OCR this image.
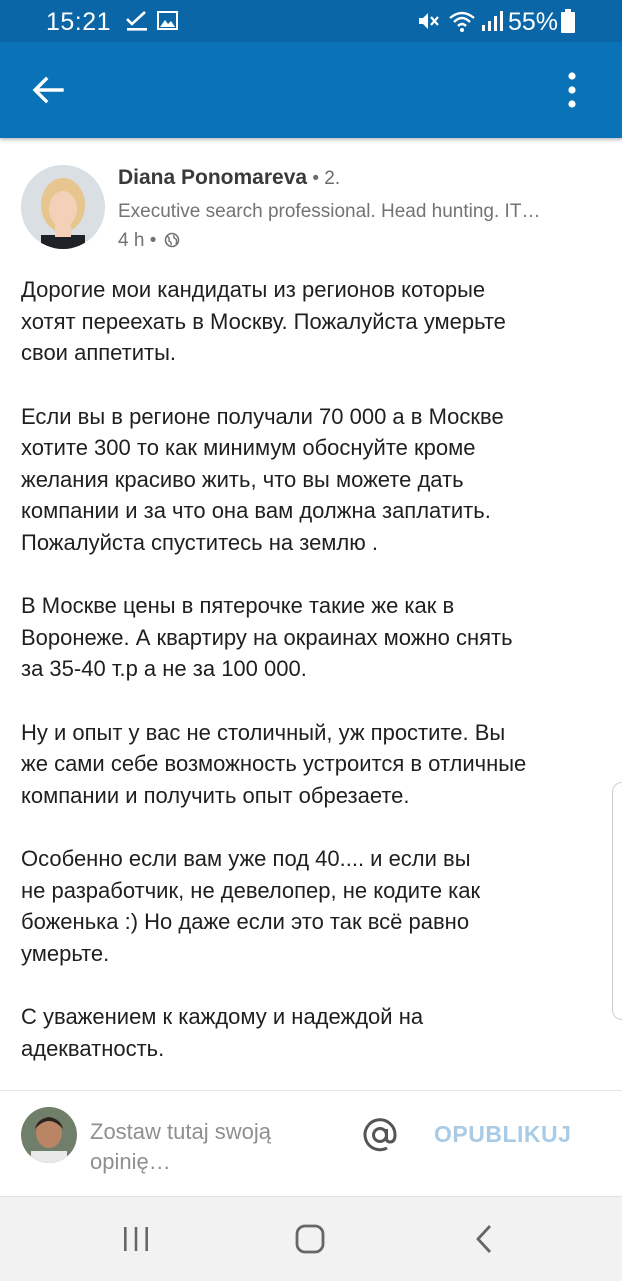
15:21	55%
Diana Ponomareva • 2.
Executive search professional. Head hunting. IT…
4 h •

Дорогие мои кандидаты из регионов которые
хотят переехать в Москву. Пожалуйста умерьте
свои аппетиты.

Если вы в регионе получали 70 000 а в Москве
хотите 300 то как минимум обоснуйте кроме
желания красиво жить, что вы можете дать
компании и за что она вам должна заплатить.
Пожалуйста спуститесь на землю .

В Москве цены в пятерочке такие же как в
Воронеже. А квартиру на окраинах можно снять
за 35-40 т.р а не за 100 000.

Ну и опыт у вас не столичный, уж простите. Вы
же сами себе возможность устроится в отличные
компании и получить опыт обрезаете.

Особенно если вам уже под 40.... и если вы
не разработчик, не девелопер, не кодите как
боженька :) Но даже если это так всё равно
умерьте.

С уважением к каждому и надеждой на
адекватность.

Zostaw tutaj swoją opinię…
OPUBLIKUJ
